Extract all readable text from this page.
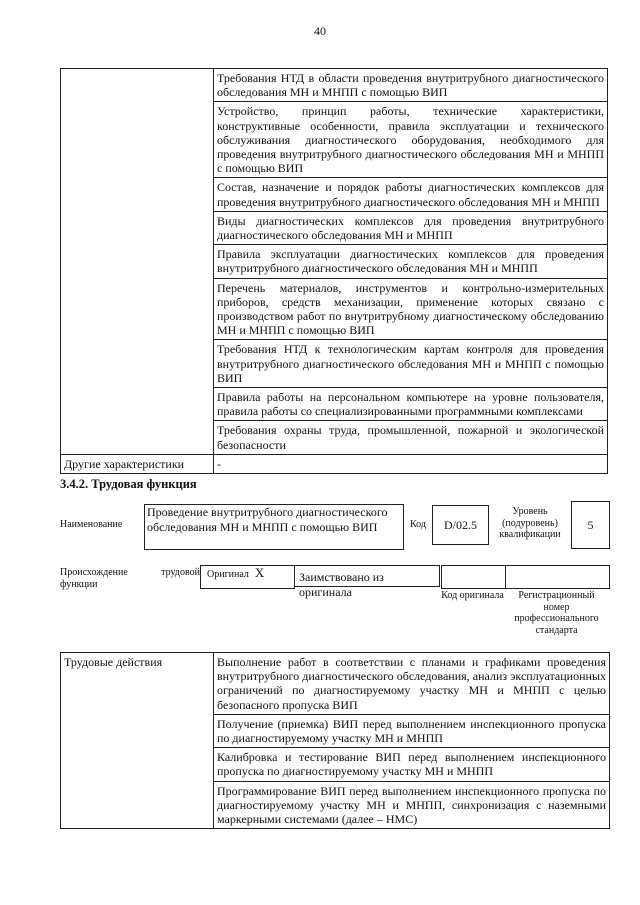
40
	Требования НТД в области проведения внутритрубного диагностического обследования МН и МНПП с помощью ВИП
	Устройство, принцип работы, технические характеристики, конструктивные особенности, правила эксплуатации и технического обслуживания диагностического оборудования, необходимого для проведения внутритрубного диагностического обследования МН и МНПП с помощью ВИП
	Состав, назначение и порядок работы диагностических комплексов для проведения внутритрубного диагностического обследования МН и МНПП
	Виды диагностических комплексов для проведения внутритрубного диагностического обследования МН и МНПП
	Правила эксплуатации диагностических комплексов для проведения внутритрубного диагностического обследования МН и МНПП
	Перечень материалов, инструментов и контрольно-измерительных приборов, средств механизации, применение которых связано с производством работ по внутритрубному диагностическому обследованию МН и МНПП с помощью ВИП
	Требования НТД к технологическим картам контроля для проведения внутритрубного диагностического обследования МН и МНПП с помощью ВИП
	Правила работы на персональном компьютере на уровне пользователя, правила работы со специализированными программными комплексами
	Требования охраны труда, промышленной, пожарной и экологической безопасности
Другие характеристики	-
3.4.2. Трудовая функция
Наименование
Проведение внутритрубного диагностического обследования МН и МНПП с помощью ВИП	Код	D/02.5
Уровень (подуровень) квалификации
5
Происхождение трудовой функции
Оригинал X	Заимствовано из оригинала	Код оригинала	Регистрационный номер профессионального стандарта
Трудовые действия	Выполнение работ в соответствии с планами и графиками проведения внутритрубного диагностического обследования, анализ эксплуатационных ограничений по диагностируемому участку МН и МНПП с целью безопасного пропуска ВИП
Получение (приемка) ВИП перед выполнением инспекционного пропуска по диагностируемому участку МН и МНПП
Калибровка и тестирование ВИП перед выполнением инспекционного пропуска по диагностируемому участку МН и МНПП
Программирование ВИП перед выполнением инспекционного пропуска по диагностируемому участку МН и МНПП, синхронизация с наземными маркерными системами (далее – НМС)
